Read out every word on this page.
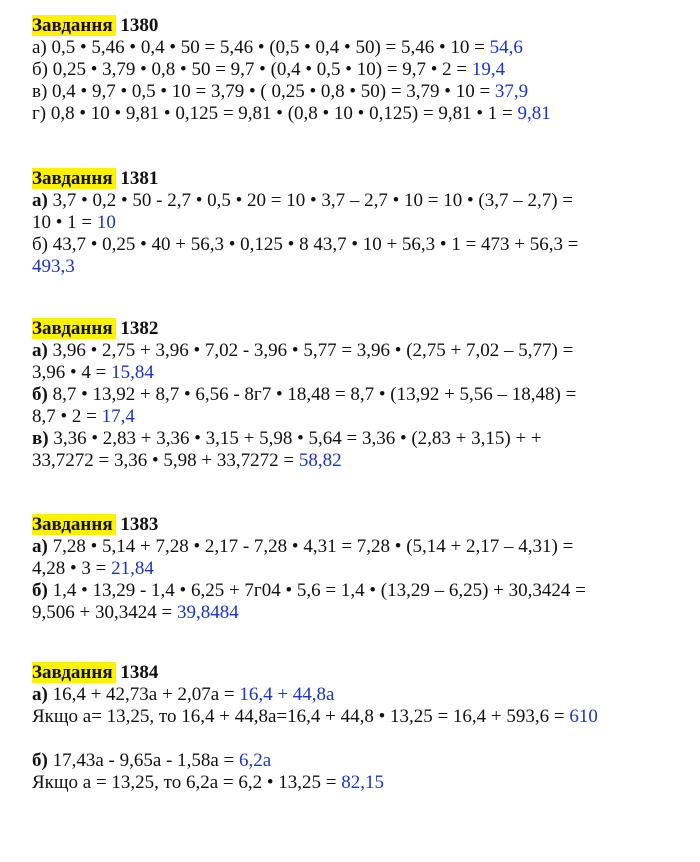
Завдання 1380
а) 0,5 • 5,46 • 0,4 • 50 = 5,46 • (0,5 • 0,4 • 50) = 5,46 • 10 = 54,6
б) 0,25 • 3,79 • 0,8 • 50 = 9,7 • (0,4 • 0,5 • 10) = 9,7 • 2 = 19,4
в) 0,4 • 9,7 • 0,5 • 10 = 3,79 • ( 0,25 • 0,8 • 50) = 3,79 • 10 = 37,9
г) 0,8 • 10 • 9,81 • 0,125 = 9,81 • (0,8 • 10 • 0,125) = 9,81 • 1 = 9,81
Завдання 1381
а) 3,7 • 0,2 • 50 - 2,7 • 0,5 • 20 = 10 • 3,7 – 2,7 • 10 = 10 • (3,7 – 2,7) =
10 • 1 = 10
б) 43,7 • 0,25 • 40 + 56,3 • 0,125 • 8 43,7 • 10 + 56,3 • 1 = 473 + 56,3 =
493,3
Завдання 1382
а) 3,96 • 2,75 + 3,96 • 7,02 - 3,96 • 5,77 = 3,96 • (2,75 + 7,02 – 5,77) =
3,96 • 4 = 15,84
б) 8,7 • 13,92 + 8,7 • 6,56 - 8г7 • 18,48 = 8,7 • (13,92 + 5,56 – 18,48) =
8,7 • 2 = 17,4
в) 3,36 • 2,83 + 3,36 • 3,15 + 5,98 • 5,64 = 3,36 • (2,83 + 3,15) + +
33,7272 = 3,36 • 5,98 + 33,7272 = 58,82
Завдання 1383
а) 7,28 • 5,14 + 7,28 • 2,17 - 7,28 • 4,31 = 7,28 • (5,14 + 2,17 – 4,31) =
4,28 • 3 = 21,84
б) 1,4 • 13,29 - 1,4 • 6,25 + 7г04 • 5,6 = 1,4 • (13,29 – 6,25) + 30,3424 =
9,506 + 30,3424 = 39,8484
Завдання 1384
а) 16,4 + 42,73a + 2,07a = 16,4 + 44,8a
Якщо а= 13,25, то 16,4 + 44,8a=16,4 + 44,8 • 13,25 = 16,4 + 593,6 = 610
б) 17,43a - 9,65a - 1,58a = 6,2a
Якщо а = 13,25, то 6,2a = 6,2 • 13,25 = 82,15
